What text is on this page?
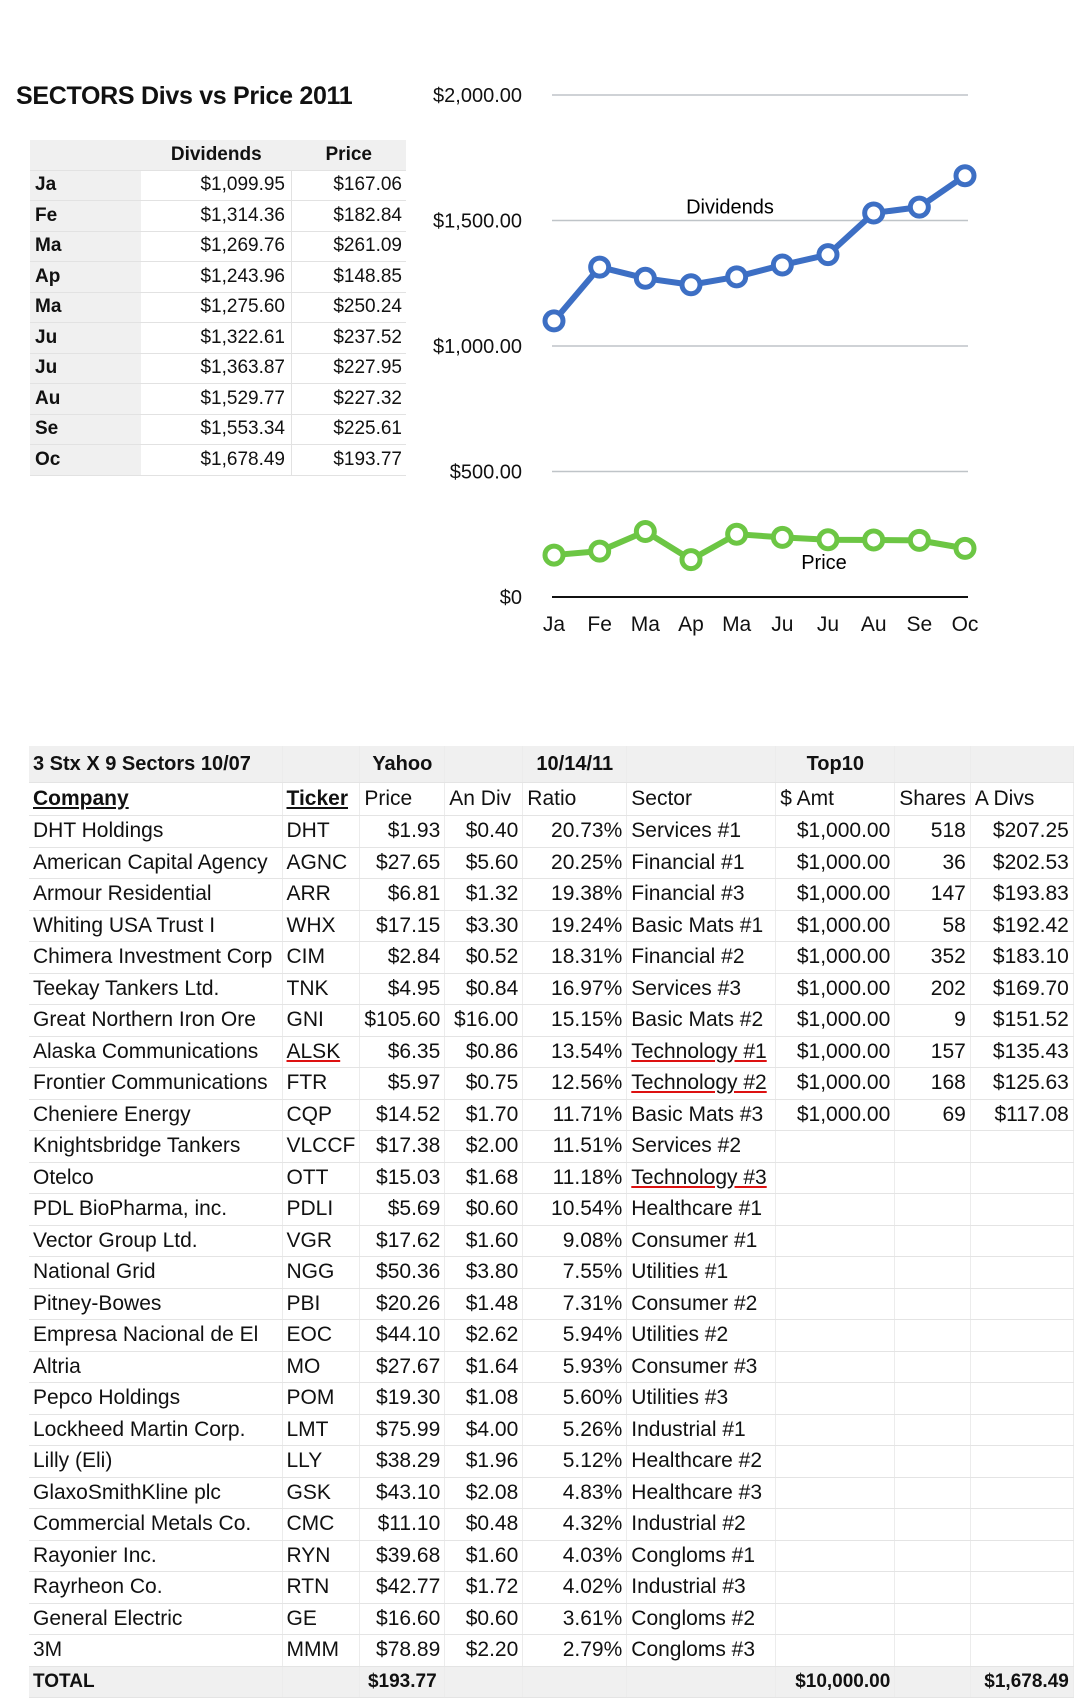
SECTORS Divs vs Price 2011
	Dividends	Price
Ja	$1,099.95	$167.06
Fe	$1,314.36	$182.84
Ma	$1,269.76	$261.09
Ap	$1,243.96	$148.85
Ma	$1,275.60	$250.24
Ju	$1,322.61	$237.52
Ju	$1,363.87	$227.95
Au	$1,529.77	$227.32
Se	$1,553.34	$225.61
Oc	$1,678.49	$193.77
$0
$500.00
$1,000.00
$1,500.00
$2,000.00
Ja Fe Ma Ap Ma Ju Ju Au Se Oc
Dividends
Price
3 Stx X 9 Sectors 10/07		Yahoo		10/14/11		Top10		
Company	Ticker	Price	An Div	Ratio	Sector	$ Amt	Shares	A Divs
DHT Holdings	DHT	$1.93	$0.40	20.73%	Services #1	$1,000.00	518	$207.25
American Capital Agency	AGNC	$27.65	$5.60	20.25%	Financial #1	$1,000.00	36	$202.53
Armour Residential	ARR	$6.81	$1.32	19.38%	Financial #3	$1,000.00	147	$193.83
Whiting USA Trust I	WHX	$17.15	$3.30	19.24%	Basic Mats #1	$1,000.00	58	$192.42
Chimera Investment Corp	CIM	$2.84	$0.52	18.31%	Financial #2	$1,000.00	352	$183.10
Teekay Tankers Ltd.	TNK	$4.95	$0.84	16.97%	Services #3	$1,000.00	202	$169.70
Great Northern Iron Ore	GNI	$105.60	$16.00	15.15%	Basic Mats #2	$1,000.00	9	$151.52
Alaska Communications	ALSK	$6.35	$0.86	13.54%	Technology #1	$1,000.00	157	$135.43
Frontier Communications	FTR	$5.97	$0.75	12.56%	Technology #2	$1,000.00	168	$125.63
Cheniere Energy	CQP	$14.52	$1.70	11.71%	Basic Mats #3	$1,000.00	69	$117.08
Knightsbridge Tankers	VLCCF	$17.38	$2.00	11.51%	Services #2			
Otelco	OTT	$15.03	$1.68	11.18%	Technology #3			
PDL BioPharma, inc.	PDLI	$5.69	$0.60	10.54%	Healthcare #1			
Vector Group Ltd.	VGR	$17.62	$1.60	9.08%	Consumer #1			
National Grid	NGG	$50.36	$3.80	7.55%	Utilities #1			
Pitney-Bowes	PBI	$20.26	$1.48	7.31%	Consumer #2			
Empresa Nacional de El	EOC	$44.10	$2.62	5.94%	Utilities #2			
Altria	MO	$27.67	$1.64	5.93%	Consumer #3			
Pepco Holdings	POM	$19.30	$1.08	5.60%	Utilities #3			
Lockheed Martin Corp.	LMT	$75.99	$4.00	5.26%	Industrial #1			
Lilly (Eli)	LLY	$38.29	$1.96	5.12%	Healthcare #2			
GlaxoSmithKline plc	GSK	$43.10	$2.08	4.83%	Healthcare #3			
Commercial Metals Co.	CMC	$11.10	$0.48	4.32%	Industrial #2			
Rayonier Inc.	RYN	$39.68	$1.60	4.03%	Congloms #1			
Rayrheon Co.	RTN	$42.77	$1.72	4.02%	Industrial #3			
General Electric	GE	$16.60	$0.60	3.61%	Congloms #2			
3M	MMM	$78.89	$2.20	2.79%	Congloms #3			
TOTAL		$193.77				$10,000.00		$1,678.49
